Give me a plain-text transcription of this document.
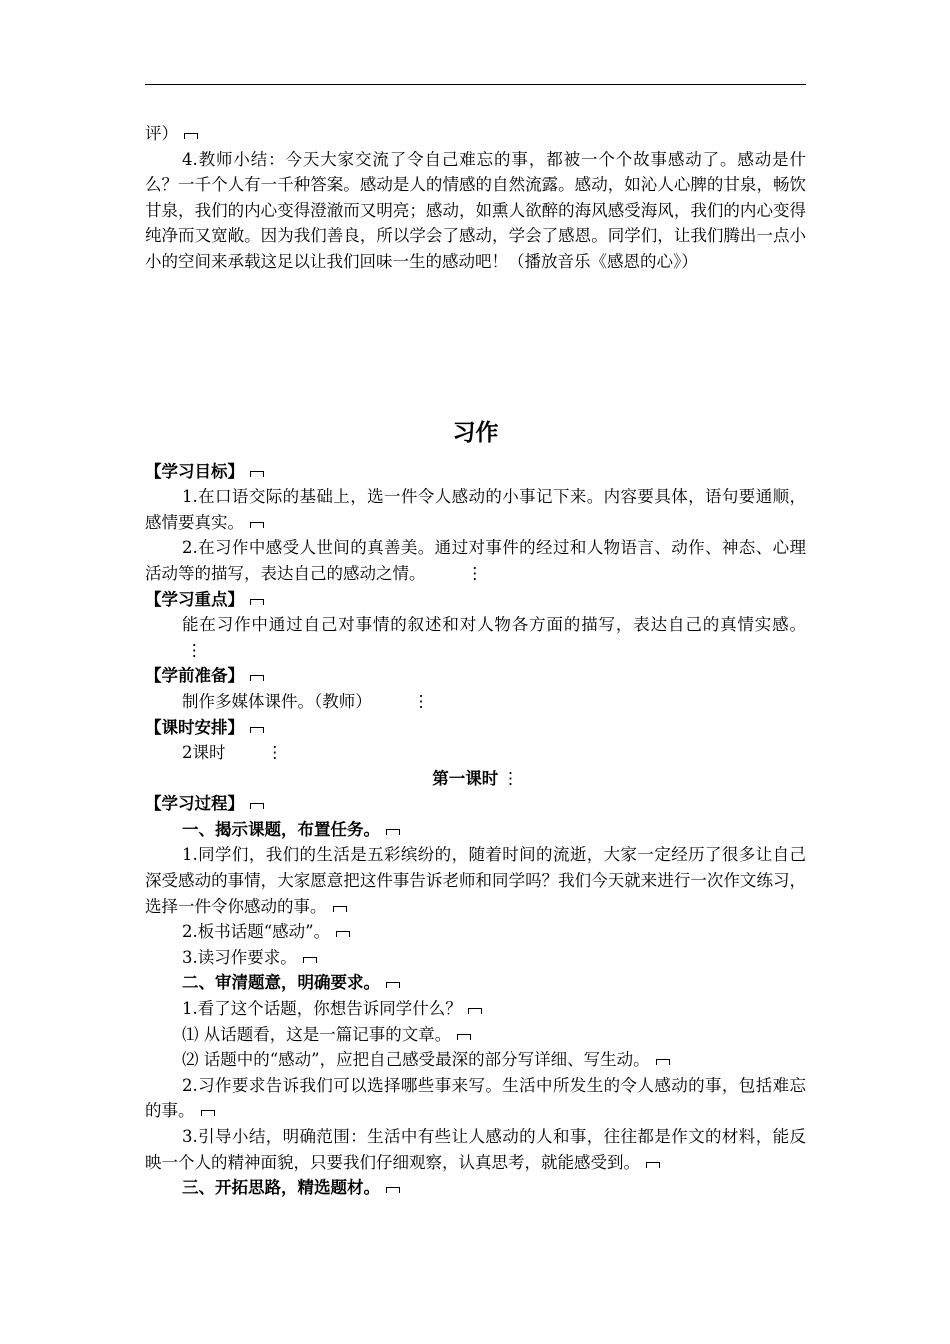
评）

4.教师小结：今天大家交流了令自己难忘的事，都被一个个故事感动了。感动是什么？一千个人有一千种答案。感动是人的情感的自然流露。感动，如沁人心脾的甘泉，畅饮甘泉，我们的内心变得澄澈而又明亮；感动，如熏人欲醉的海风感受海风，我们的内心变得纯净而又宽敞。因为我们善良，所以学会了感动，学会了感恩。同学们，让我们腾出一点小小的空间来承载这足以让我们回味一生的感动吧！（播放音乐《感恩的心》）

习作

【学习目标】

1.在口语交际的基础上，选一件令人感动的小事记下来。内容要具体，语句要通顺，感情要真实。

2.在习作中感受人世间的真善美。通过对事件的经过和人物语言、动作、神态、心理活动等的描写，表达自己的感动之情。 ⋮

【学习重点】

能在习作中通过自己对事情的叙述和对人物各方面的描写，表达自己的真情实感。⋮

【学前准备】

制作多媒体课件。（教师） ⋮

【课时安排】

2课时 ⋮

第一课时 ⋮

【学习过程】

一、揭示课题，布置任务。

1.同学们，我们的生活是五彩缤纷的，随着时间的流逝，大家一定经历了很多让自己深受感动的事情，大家愿意把这件事告诉老师和同学吗？我们今天就来进行一次作文练习，选择一件令你感动的事。

2.板书话题“感动”。

3.读习作要求。

二、审清题意，明确要求。

1.看了这个话题，你想告诉同学什么？

⑴ 从话题看，这是一篇记事的文章。

⑵ 话题中的“感动”，应把自己感受最深的部分写详细、写生动。

2.习作要求告诉我们可以选择哪些事来写。生活中所发生的令人感动的事，包括难忘的事。

3.引导小结，明确范围：生活中有些让人感动的人和事，往往都是作文的材料，能反映一个人的精神面貌，只要我们仔细观察，认真思考，就能感受到。

三、开拓思路，精选题材。
